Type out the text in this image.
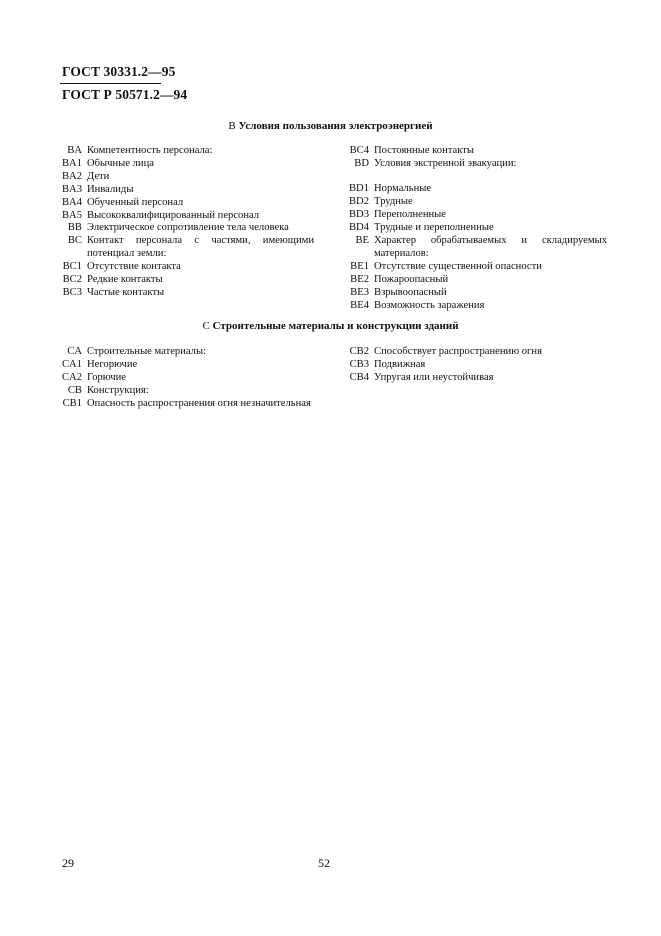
ГОСТ 30331.2—95
ГОСТ Р 50571.2—94
B Условия пользования электроэнергией
BA Компетентность персонала:
BA1 Обычные лица
BA2 Дети
BA3 Инвалиды
BA4 Обученный персонал
BA5 Высококвалифицированный персонал
BB Электрическое сопротивление тела человека
BC Контакт персонала с частями, имеющими потенциал земли:
BC1 Отсутствие контакта
BC2 Редкие контакты
BC3 Частые контакты
BC4 Постоянные контакты
BD Условия экстренной эвакуации:
BD1 Нормальные
BD2 Трудные
BD3 Переполненные
BD4 Трудные и переполненные
BE Характер обрабатываемых и складируемых материалов:
BE1 Отсутствие существенной опасности
BE2 Пожароопасный
BE3 Взрывоопасный
BE4 Возможность заражения
C Строительные материалы и конструкции зданий
CA Строительные материалы:
CA1 Негорючие
CA2 Горючие
CB Конструкция:
CB1 Опасность распространения огня незначительная
CB2 Способствует распространению огня
CB3 Подвижная
CB4 Упругая или неустойчивая
29	52
